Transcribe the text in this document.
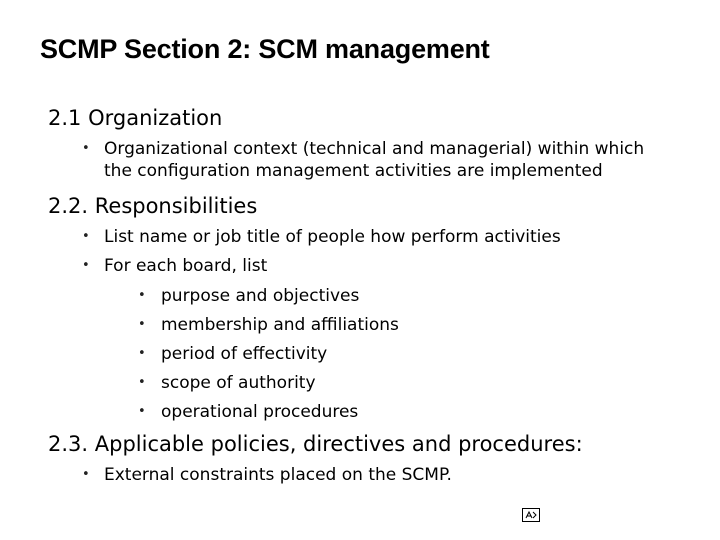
SCMP Section 2: SCM management
2.1 Organization
• Organizational context (technical and managerial) within which the configuration management activities are implemented
2.2. Responsibilities
• List name or job title of people how perform activities
• For each board, list
• purpose and objectives
• membership and affiliations
• period of effectivity
• scope of authority
• operational procedures
2.3. Applicable policies, directives and procedures:
• External constraints placed on the SCMP.
